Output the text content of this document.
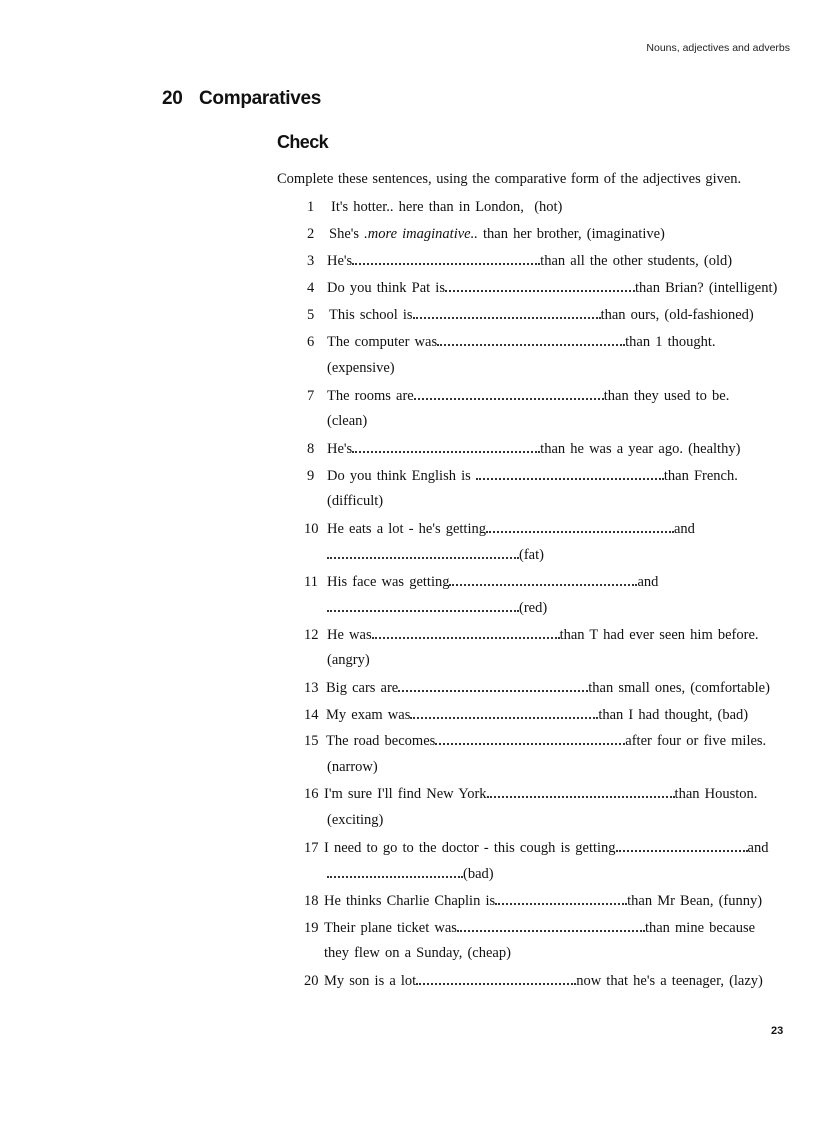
Nouns, adjectives and adverbs
20 Comparatives
Check
Complete these sentences, using the comparative form of the adjectives given.
1 It's hotter.. here than in London, (hot)
2 She's .more imaginative.. than her brother, (imaginative)
3 He's	than all the other students, (old)
4 Do you think Pat is	than Brian? (intelligent)
5 This school is	than ours, (old-fashioned)
6 The computer was	than 1 thought.
(expensive)
7 The rooms are	than they used to be.
(clean)
8 He's	than he was a year ago. (healthy)
9 Do you think English is	than French.
(difficult)
10 He eats a lot - he's getting	and
(fat)
11 His face was getting	and
(red)
12 He was	than T had ever seen him before.
(angry)
13 Big cars are	than small ones, (comfortable)
14 My exam was	than I had thought, (bad)
15 The road becomes	after four or five miles.
(narrow)
16 I'm sure I'll find New York	than Houston.
(exciting)
17 I need to go to the doctor - this cough is getting	and
(bad)
18 He thinks Charlie Chaplin is	than Mr Bean, (funny)
19 Their plane ticket was	than mine because
they flew on a Sunday, (cheap)
20 My son is a lot	now that he's a teenager, (lazy)
23
